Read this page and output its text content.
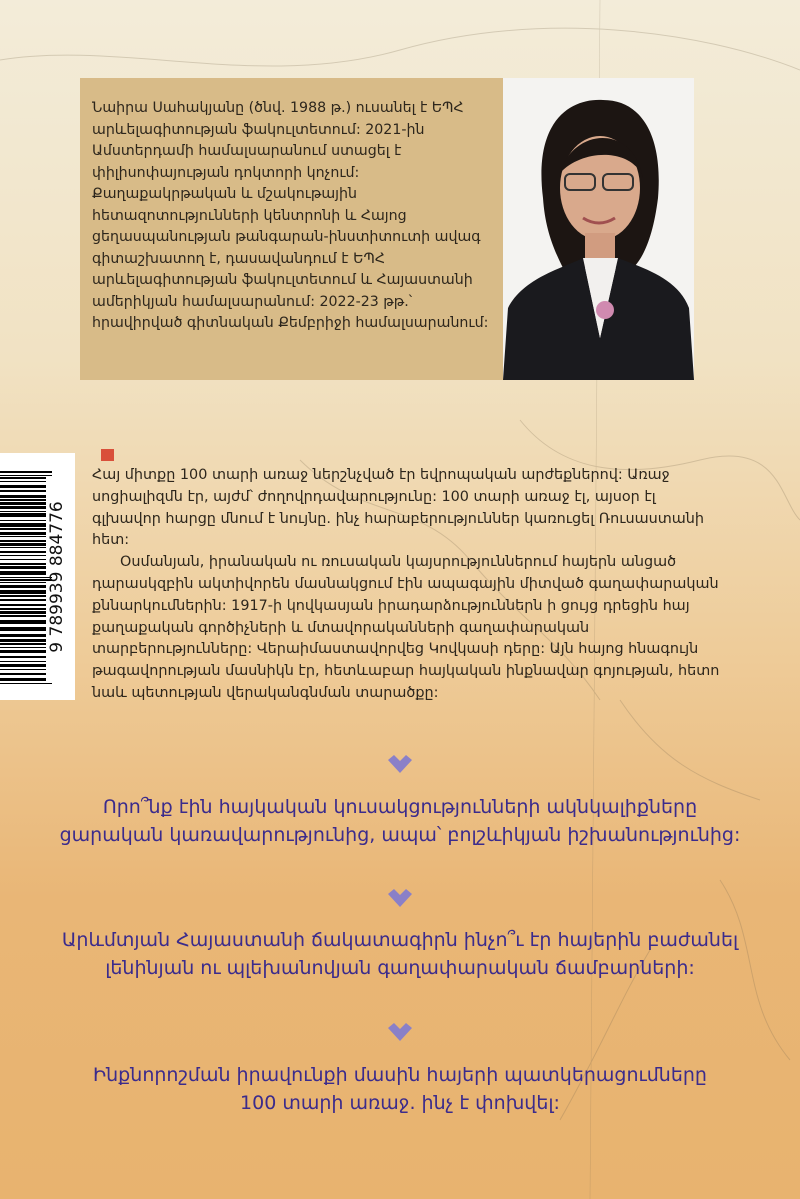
Նաիրա Սահակյանը (ծնվ. 1988 թ.) ուսանել է ԵՊՀ արևելագիտության ֆակուլտետում: 2021-ին Ամստերդամի համալսարանում ստացել է փիլիսոփայության դոկտորի կոչում: Քաղաքակրթական և մշակութային հետազոտությունների կենտրոնի և Հայոց ցեղասպանության թանգարան-ինստիտուտի ավագ գիտաշխատող է, դասավանդում է ԵՊՀ արևելագիտության ֆակուլտետում և Հայաստանի ամերիկյան համալսարանում: 2022-23 թթ.՝ հրավիրված գիտնական Քեմբրիջի համալսարանում:

Հայ միտքը 100 տարի առաջ ներշնչված էր եվրոպական արժեքներով: Առաջ սոցիալիզմն էր, այժմ՝ ժողովրդավարությունը: 100 տարի առաջ էլ, այսօր էլ գլխավոր հարցը մնում է նույնը. ինչ հարաբերություններ կառուցել Ռուսաստանի հետ:

Օսմանյան, իրանական ու ռուսական կայսրություններում հայերն անցած դարասկզբին ակտիվորեն մասնակցում էին ապագային միտված գաղափարական քննարկումներին: 1917-ի կովկասյան իրադարձություններն ի ցույց դրեցին հայ քաղաքական գործիչների և մտավորականների գաղափարական տարբերությունները: Վերաիմաստավորվեց Կովկասի դերը: Այն հայոց հնագույն թագավորության մասնիկն էր, հետևաբար հայկական ինքնավար գոյության, հետո նաև պետության վերականգնման տարածքը:

9 789939 884776
Որո՞նք էին հայկական կուսակցությունների ակնկալիքները
ցարական կառավարությունից, ապա՝ բոլշևիկյան իշխանությունից:
Արևմտյան Հայաստանի ճակատագիրն ինչո՞ւ էր հայերին բաժանել
լենինյան ու պլեխանովյան գաղափարական ճամբարների:
Ինքնորոշման իրավունքի մասին հայերի պատկերացումները
100 տարի առաջ. ինչ է փոխվել:
